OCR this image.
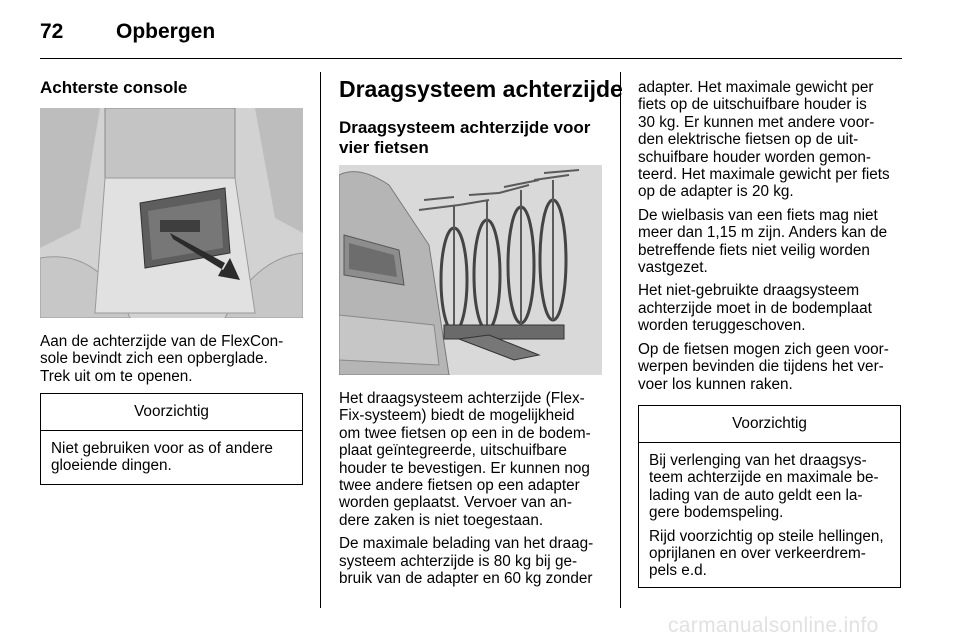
72	Opbergen
Achterste console
Aan de achterzijde van de FlexCon-
sole bevindt zich een opberglade.
Trek uit om te openen.
Voorzichtig
Niet gebruiken voor as of andere
gloeiende dingen.
Draagsysteem achterzijde
Draagsysteem achterzijde voor
vier fietsen

Het draagsysteem achterzijde (Flex-
Fix-systeem) biedt de mogelijkheid
om twee fietsen op een in de bodem-
plaat geïntegreerde, uitschuifbare
houder te bevestigen. Er kunnen nog
twee andere fietsen op een adapter
worden geplaatst. Vervoer van an-
dere zaken is niet toegestaan.

De maximale belading van het draag-
systeem achterzijde is 80 kg bij ge-
bruik van de adapter en 60 kg zonder

adapter. Het maximale gewicht per
fiets op de uitschuifbare houder is
30 kg. Er kunnen met andere voor-
den elektrische fietsen op de uit-
schuifbare houder worden gemon-
teerd. Het maximale gewicht per fiets
op de adapter is 20 kg.

De wielbasis van een fiets mag niet
meer dan 1,15 m zijn. Anders kan de
betreffende fiets niet veilig worden
vastgezet.

Het niet-gebruikte draagsysteem
achterzijde moet in de bodemplaat
worden teruggeschoven.

Op de fietsen mogen zich geen voor-
werpen bevinden die tijdens het ver-
voer los kunnen raken.

Voorzichtig

Bij verlenging van het draagsys-
teem achterzijde en maximale be-
lading van de auto geldt een la-
gere bodemspeling.

Rijd voorzichtig op steile hellingen,
oprijlanen en over verkeerdrem-
pels e.d.

carmanualsonline.info
